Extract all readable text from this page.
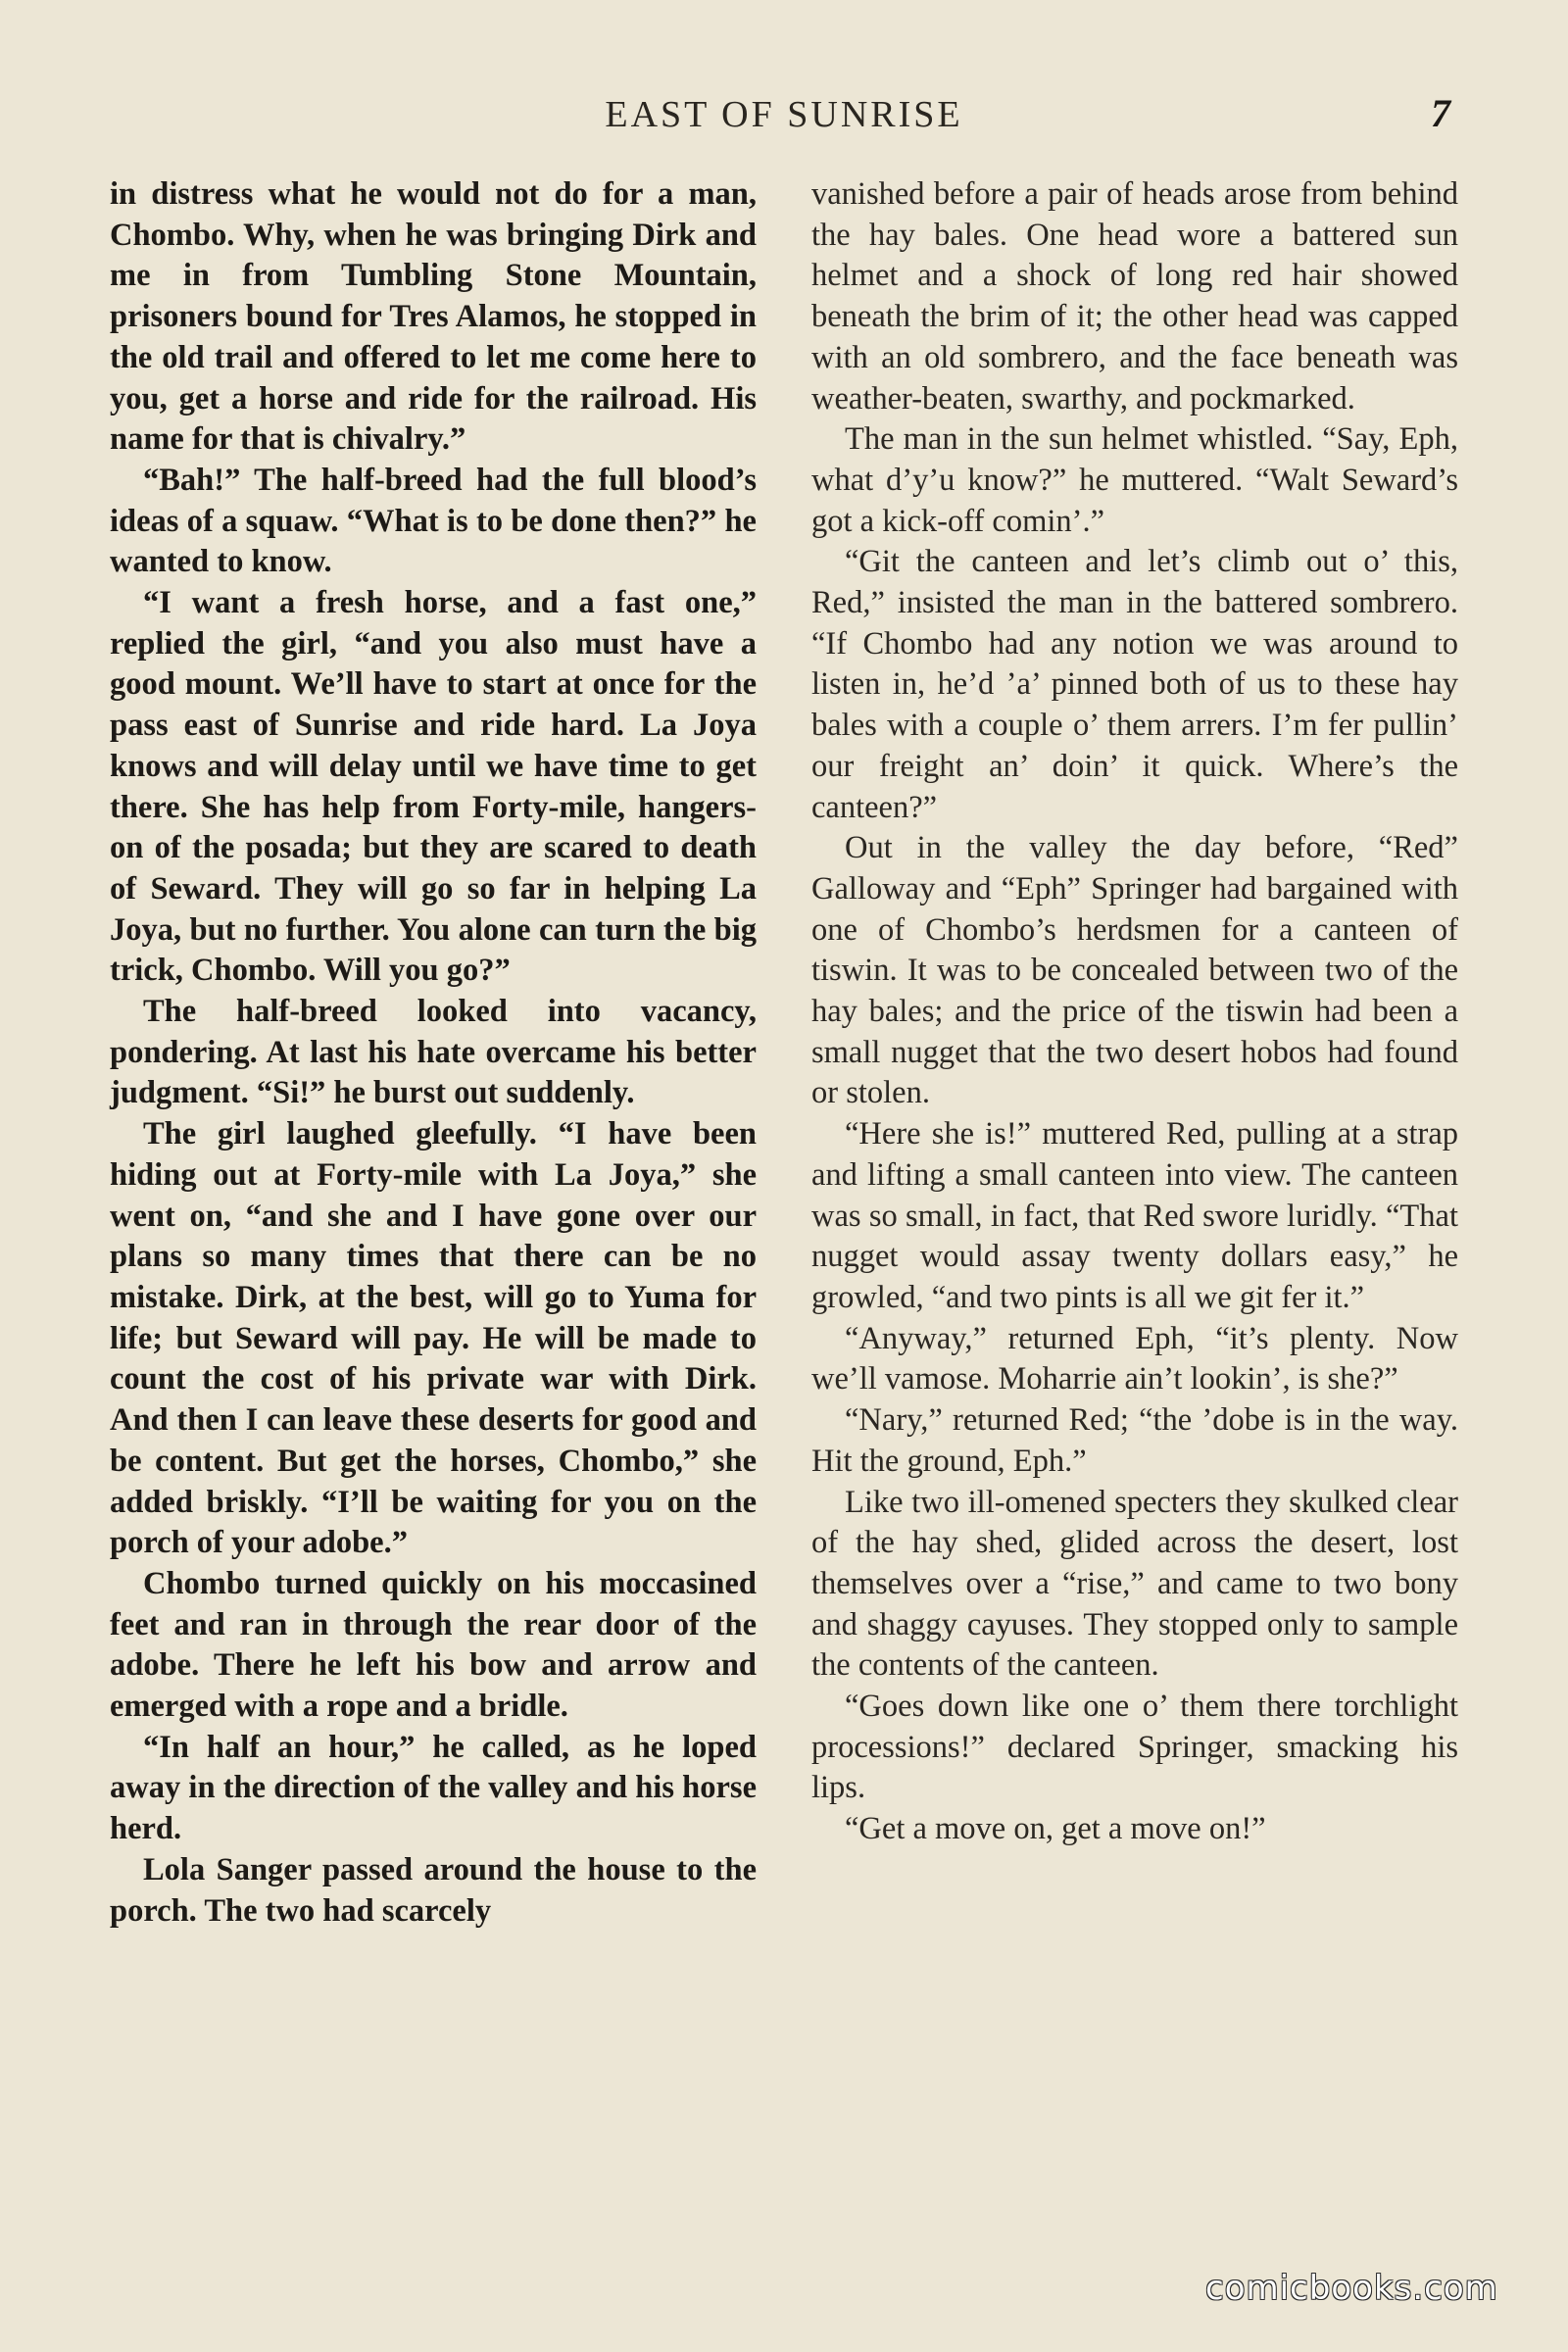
EAST OF SUNRISE	7

in distress what he would not do for a man, Chombo. Why, when he was bringing Dirk and me in from Tumbling Stone Mountain, prisoners bound for Tres Alamos, he stopped in the old trail and offered to let me come here to you, get a horse and ride for the railroad. His name for that is chivalry.”

“Bah!” The half-breed had the full blood’s ideas of a squaw. “What is to be done then?” he wanted to know.

“I want a fresh horse, and a fast one,” replied the girl, “and you also must have a good mount. We’ll have to start at once for the pass east of Sunrise and ride hard. La Joya knows and will delay until we have time to get there. She has help from Forty-mile, hangers-on of the posada; but they are scared to death of Seward. They will go so far in helping La Joya, but no further. You alone can turn the big trick, Chombo. Will you go?”

The half-breed looked into vacancy, pondering. At last his hate overcame his better judgment. “Si!” he burst out suddenly.

The girl laughed gleefully. “I have been hiding out at Forty-mile with La Joya,” she went on, “and she and I have gone over our plans so many times that there can be no mistake. Dirk, at the best, will go to Yuma for life; but Seward will pay. He will be made to count the cost of his private war with Dirk. And then I can leave these deserts for good and be content. But get the horses, Chombo,” she added briskly. “I’ll be waiting for you on the porch of your adobe.”

Chombo turned quickly on his moccasined feet and ran in through the rear door of the adobe. There he left his bow and arrow and emerged with a rope and a bridle.

“In half an hour,” he called, as he loped away in the direction of the valley and his horse herd.

Lola Sanger passed around the house to the porch. The two had scarcely

vanished before a pair of heads arose from behind the hay bales. One head wore a battered sun helmet and a shock of long red hair showed beneath the brim of it; the other head was capped with an old sombrero, and the face beneath was weather-beaten, swarthy, and pockmarked.

The man in the sun helmet whistled. “Say, Eph, what d’y’u know?” he muttered. “Walt Seward’s got a kick-off comin’.”

“Git the canteen and let’s climb out o’ this, Red,” insisted the man in the battered sombrero. “If Chombo had any notion we was around to listen in, he’d ’a’ pinned both of us to these hay bales with a couple o’ them arrers. I’m fer pullin’ our freight an’ doin’ it quick. Where’s the canteen?”

Out in the valley the day before, “Red” Galloway and “Eph” Springer had bargained with one of Chombo’s herdsmen for a canteen of tiswin. It was to be concealed between two of the hay bales; and the price of the tiswin had been a small nugget that the two desert hobos had found or stolen.

“Here she is!” muttered Red, pulling at a strap and lifting a small canteen into view. The canteen was so small, in fact, that Red swore luridly. “That nugget would assay twenty dollars easy,” he growled, “and two pints is all we git fer it.”

“Anyway,” returned Eph, “it’s plenty. Now we’ll vamose. Moharrie ain’t lookin’, is she?”

“Nary,” returned Red; “the ’dobe is in the way. Hit the ground, Eph.”

Like two ill-omened specters they skulked clear of the hay shed, glided across the desert, lost themselves over a “rise,” and came to two bony and shaggy cayuses. They stopped only to sample the contents of the canteen.

“Goes down like one o’ them there torchlight processions!” declared Springer, smacking his lips.

“Get a move on, get a move on!”

comicbooks.com
